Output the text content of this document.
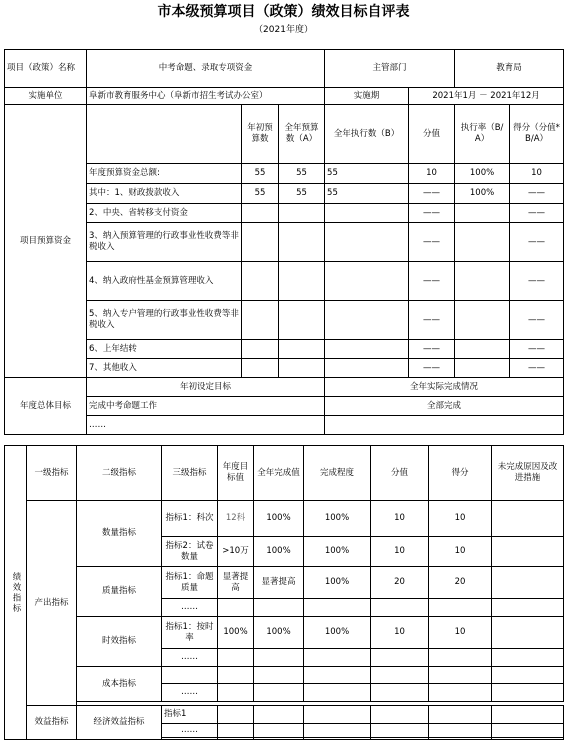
市本级预算项目（政策）绩效目标自评表
（2021年度）
项目（政策）名称	中考命题、录取专项资金			主管部门		教育局	
实施单位	阜新市教育服务中心（阜新市招生考试办公室）			实施期	2021年1月 － 2021年12月		
项目预算资金		年初预算数	全年预算数（A）	全年执行数（B）	分值	执行率（B/A）	得分（分值*B/A）
	年度预算资金总额:	55	55	55	10	100%	10
	其中：1、财政拨款收入	55	55	55	——	100%	——
	2、中央、省转移支付资金				——		——
	3、纳入预算管理的行政事业性收费等非税收入				——		——
	4、纳入政府性基金预算管理收入				——		——
	5、纳入专户管理的行政事业性收费等非税收入				——		——
	6、上年结转				——		——
	7、其他收入				——		——
年度总体目标	年初设定目标			全年实际完成情况			
	完成中考命题工作			全部完成			
	……						
绩效指标	一级指标	二级指标	三级指标	年度目标值	全年完成值	完成程度	分值	得分	未完成原因及改进措施
	产出指标	数量指标	指标1：科次	12科	100%	100%	10	10	
			指标2：试卷数量	>10万	100%	100%	10	10	
		质量指标	指标1：命题质量	显著提高	显著提高	100%	20	20	
			……						
		时效指标	指标1：按时率	100%	100%	100%	10	10	
			……						
		成本指标							
			……						

	效益指标	经济效益指标	指标1						
			……						
